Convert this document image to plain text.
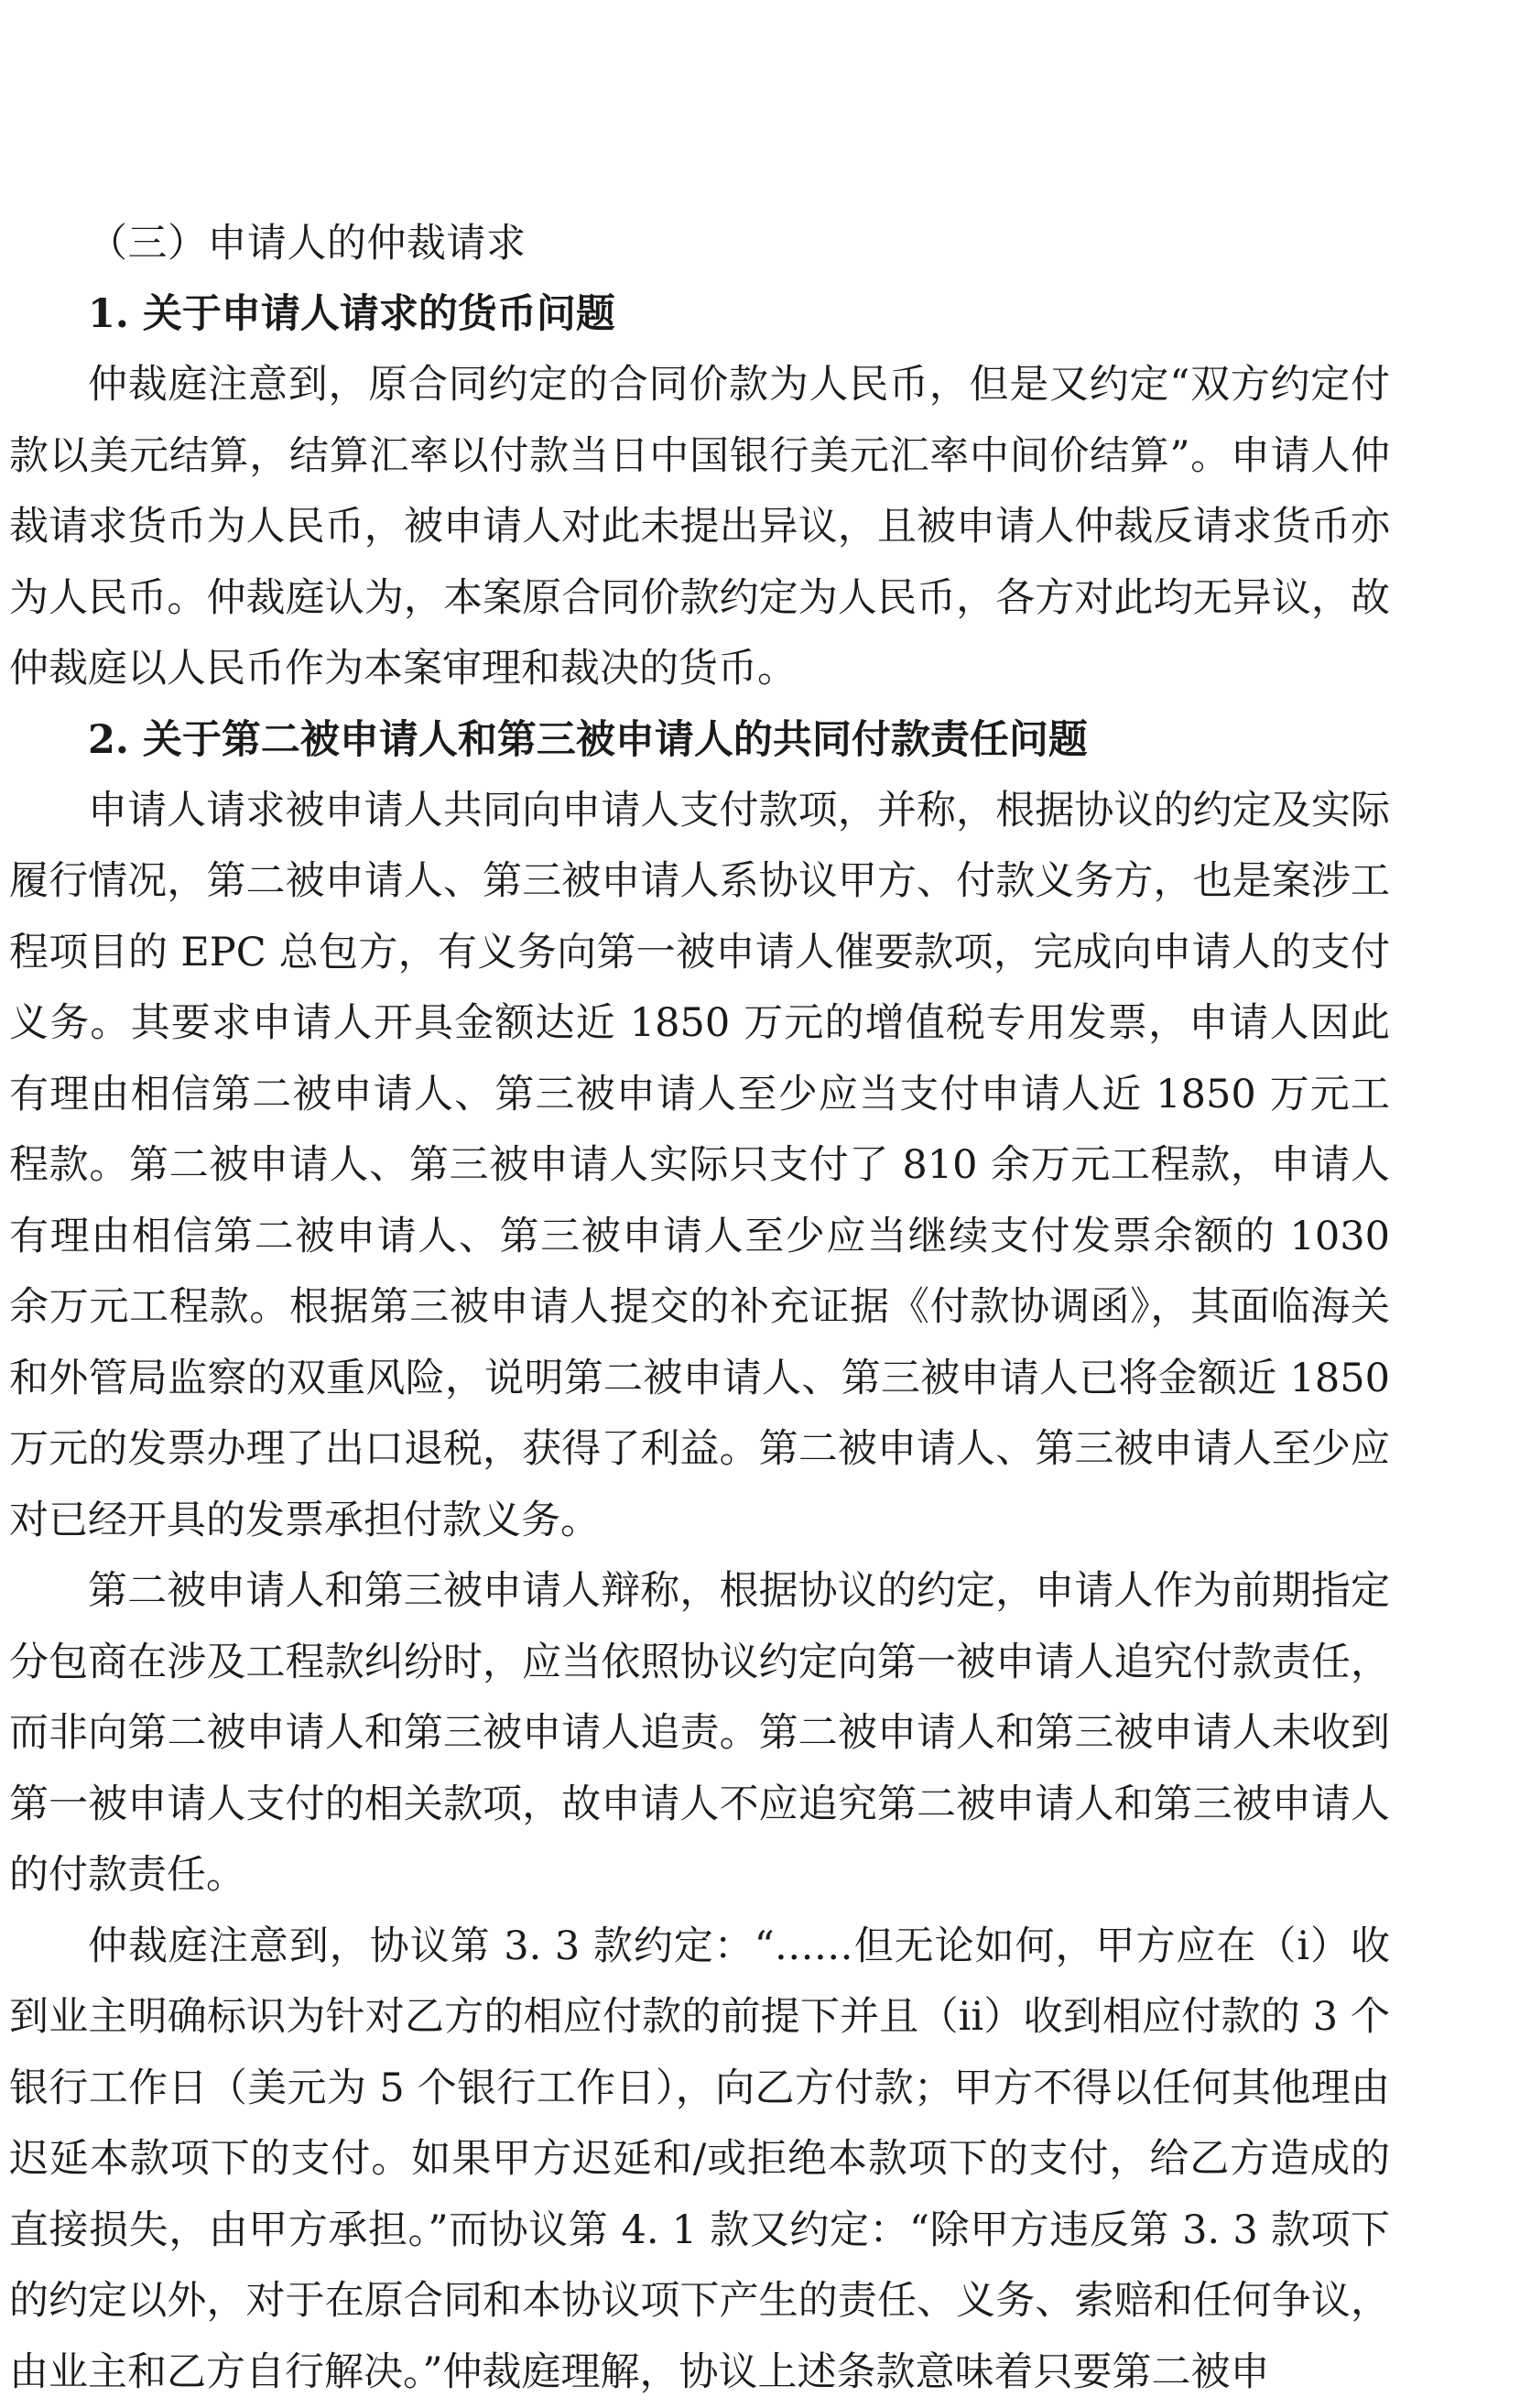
（三）申请人的仲裁请求
1. 关于申请人请求的货币问题

仲裁庭注意到，原合同约定的合同价款为人民币，但是又约定“双方约定付款以美元结算，结算汇率以付款当日中国银行美元汇率中间价结算”。申请人仲裁请求货币为人民币，被申请人对此未提出异议，且被申请人仲裁反请求货币亦为人民币。仲裁庭认为，本案原合同价款约定为人民币，各方对此均无异议，故仲裁庭以人民币作为本案审理和裁决的货币。

2. 关于第二被申请人和第三被申请人的共同付款责任问题

申请人请求被申请人共同向申请人支付款项，并称，根据协议的约定及实际履行情况，第二被申请人、第三被申请人系协议甲方、付款义务方，也是案涉工程项目的 EPC 总包方，有义务向第一被申请人催要款项，完成向申请人的支付义务。其要求申请人开具金额达近 1850 万元的增值税专用发票，申请人因此有理由相信第二被申请人、第三被申请人至少应当支付申请人近 1850 万元工程款。第二被申请人、第三被申请人实际只支付了 810 余万元工程款，申请人有理由相信第二被申请人、第三被申请人至少应当继续支付发票余额的 1030 余万元工程款。根据第三被申请人提交的补充证据《付款协调函》，其面临海关和外管局监察的双重风险，说明第二被申请人、第三被申请人已将金额近 1850 万元的发票办理了出口退税，获得了利益。第二被申请人、第三被申请人至少应对已经开具的发票承担付款义务。

第二被申请人和第三被申请人辩称，根据协议的约定，申请人作为前期指定分包商在涉及工程款纠纷时，应当依照协议约定向第一被申请人追究付款责任，而非向第二被申请人和第三被申请人追责。第二被申请人和第三被申请人未收到第一被申请人支付的相关款项，故申请人不应追究第二被申请人和第三被申请人的付款责任。

仲裁庭注意到，协议第 3. 3 款约定：“……但无论如何，甲方应在（i）收到业主明确标识为针对乙方的相应付款的前提下并且（ii）收到相应付款的 3 个银行工作日（美元为 5 个银行工作日），向乙方付款；甲方不得以任何其他理由迟延本款项下的支付。如果甲方迟延和/或拒绝本款项下的支付，给乙方造成的直接损失，由甲方承担。”而协议第 4. 1 款又约定：“除甲方违反第 3. 3 款项下的约定以外，对于在原合同和本协议项下产生的责任、义务、索赔和任何争议，由业主和乙方自行解决。”仲裁庭理解，协议上述条款意味着只要第二被申
